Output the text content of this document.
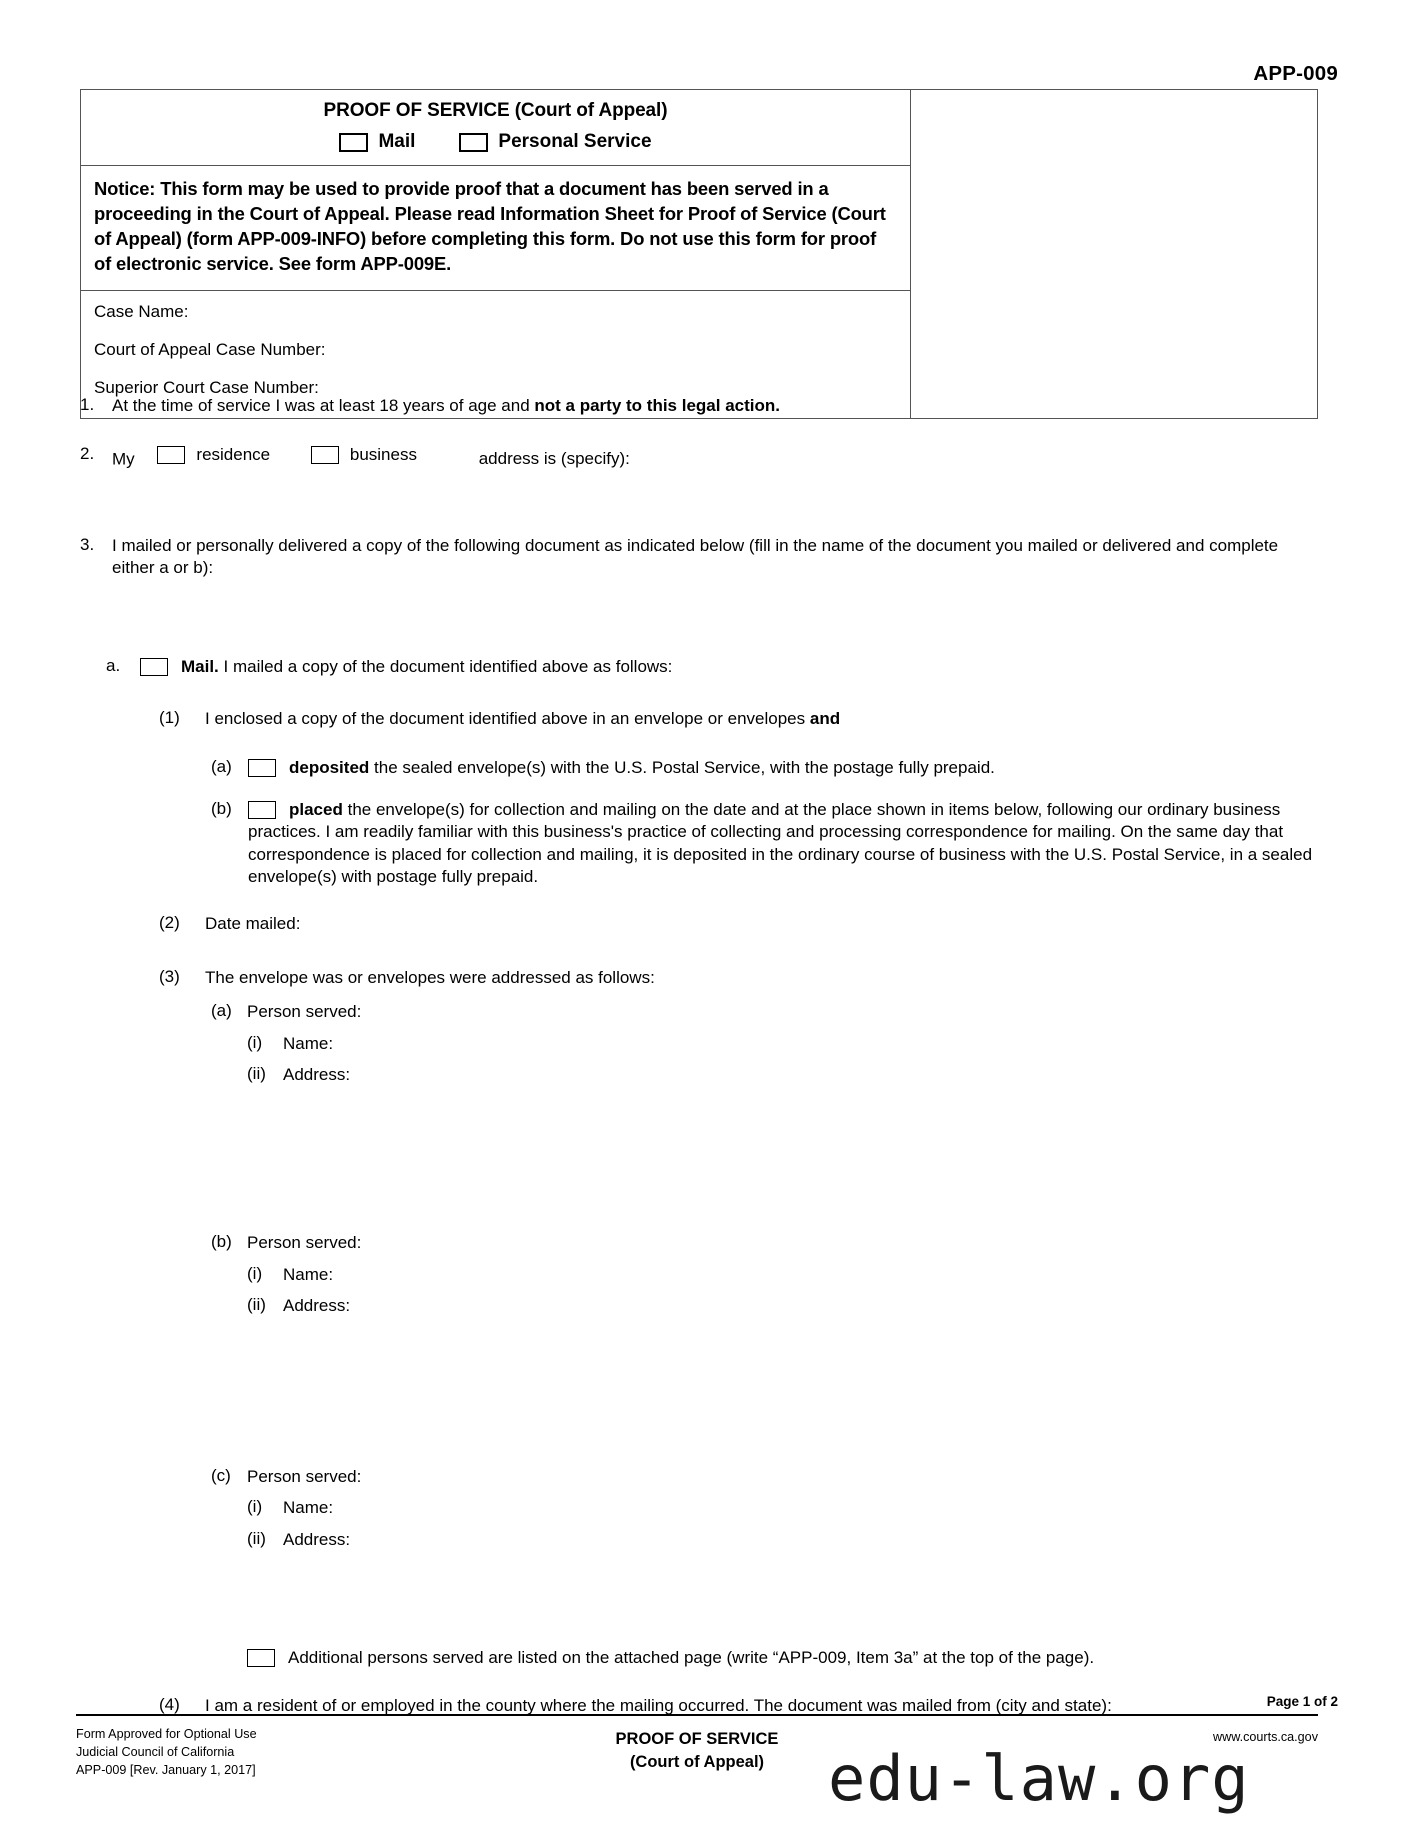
APP-009
PROOF OF SERVICE (Court of Appeal)
Mail	Personal Service
Notice: This form may be used to provide proof that a document has been served in a proceeding in the Court of Appeal. Please read Information Sheet for Proof of Service (Court of Appeal) (form APP-009-INFO) before completing this form. Do not use this form for proof of electronic service. See form APP-009E.
Case Name:
Court of Appeal Case Number:
Superior Court Case Number:
1.	At the time of service I was at least 18 years of age and not a party to this legal action.
2.	My	residence
	business	address is (specify):
3.	I mailed or personally delivered a copy of the following document as indicated below (fill in the name of the document you mailed or delivered and complete either a or b):
a.	Mail. I mailed a copy of the document identified above as follows:
(1)	I enclosed a copy of the document identified above in an envelope or envelopes and
(a)	deposited the sealed envelope(s) with the U.S. Postal Service, with the postage fully prepaid.
(b)	placed the envelope(s) for collection and mailing on the date and at the place shown in items below, following our ordinary business practices. I am readily familiar with this business's practice of collecting and processing correspondence for mailing. On the same day that correspondence is placed for collection and mailing, it is deposited in the ordinary course of business with the U.S. Postal Service, in a sealed envelope(s) with postage fully prepaid.
(2)	Date mailed:
(3)	The envelope was or envelopes were addressed as follows:
(a) Person served:
(i)	Name:
(ii)	Address:
(b) Person served:
(i)	Name:
(ii)	Address:
(c) Person served:
(i)	Name:
(ii)	Address:
Additional persons served are listed on the attached page (write “APP-009, Item 3a” at the top of the page).
(4)	I am a resident of or employed in the county where the mailing occurred. The document was mailed from (city and state):	Page 1 of 2
Form Approved for Optional Use
Judicial Council of California
APP-009 [Rev. January 1, 2017]
PROOF OF SERVICE
(Court of Appeal)
www.courts.ca.gov
edu-law.org
